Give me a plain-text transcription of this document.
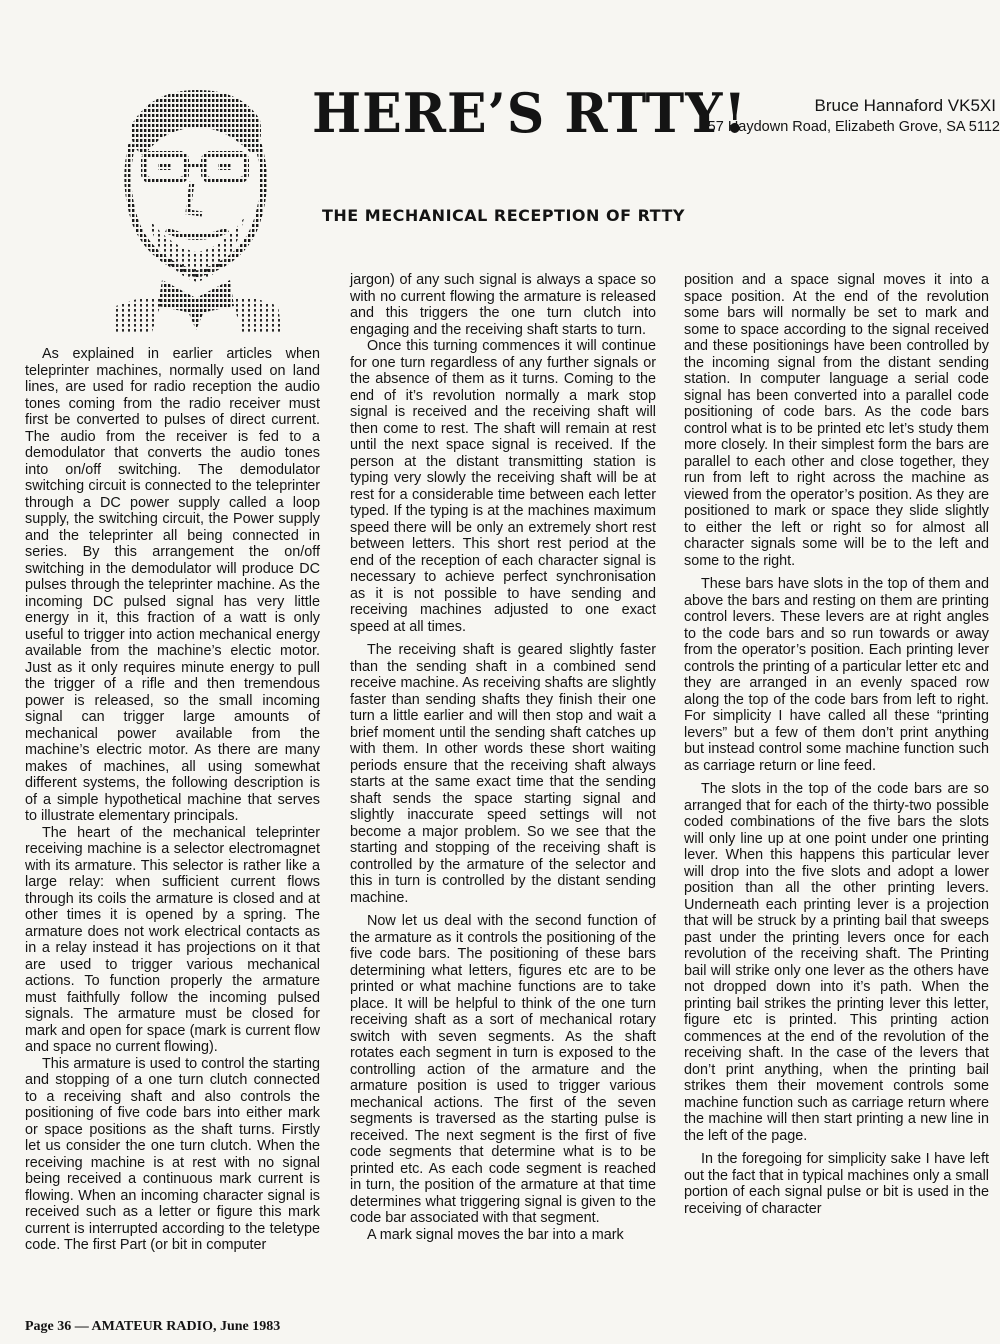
HERE’S RTTY!	Bruce Hannaford VK5XI
57 Haydown Road, Elizabeth Grove, SA 5112
THE MECHANICAL RECEPTION OF RTTY

As explained in earlier articles when teleprinter machines, normally used on land lines, are used for radio reception the audio tones coming from the radio receiver must first be converted to pulses of direct current. The audio from the receiver is fed to a demodulator that converts the audio tones into on/off switching. The demodulator switching circuit is connected to the teleprinter through a DC power supply called a loop supply, the switching circuit, the Power supply and the teleprinter all being connected in series. By this arrangement the on/off switching in the demodulator will produce DC pulses through the teleprinter machine. As the incoming DC pulsed signal has very little energy in it, this fraction of a watt is only useful to trigger into action mechanical energy available from the machine’s electic motor. Just as it only requires minute energy to pull the trigger of a rifle and then tremendous power is released, so the small incoming signal can trigger large amounts of mechanical power available from the machine’s electric motor. As there are many makes of machines, all using somewhat different systems, the following description is of a simple hypothetical machine that serves to illustrate elementary principals.

The heart of the mechanical teleprinter receiving machine is a selector electromagnet with its armature. This selector is rather like a large relay: when sufficient current flows through its coils the armature is closed and at other times it is opened by a spring. The armature does not work electrical contacts as in a relay instead it has projections on it that are used to trigger various mechanical actions. To function properly the armature must faithfully follow the incoming pulsed signals. The armature must be closed for mark and open for space (mark is current flow and space no current flowing).

This armature is used to control the starting and stopping of a one turn clutch connected to a receiving shaft and also controls the positioning of five code bars into either mark or space positions as the shaft turns. Firstly let us consider the one turn clutch. When the receiving machine is at rest with no signal being received a continuous mark current is flowing. When an incoming character signal is received such as a letter or figure this mark current is interrupted according to the teletype code. The first Part (or bit in computer

jargon) of any such signal is always a space so with no current flowing the armature is released and this triggers the one turn clutch into engaging and the receiving shaft starts to turn.

Once this turning commences it will continue for one turn regardless of any further signals or the absence of them as it turns. Coming to the end of it’s revolution normally a mark stop signal is received and the receiving shaft will then come to rest. The shaft will remain at rest until the next space signal is received. If the person at the distant transmitting station is typing very slowly the receiving shaft will be at rest for a considerable time between each letter typed. If the typing is at the machines maximum speed there will be only an extremely short rest between letters. This short rest period at the end of the reception of each character signal is necessary to achieve perfect synchronisation as it is not possible to have sending and receiving machines adjusted to one exact speed at all times.

The receiving shaft is geared slightly faster than the sending shaft in a combined send receive machine. As receiving shafts are slightly faster than sending shafts they finish their one turn a little earlier and will then stop and wait a brief moment until the sending shaft catches up with them. In other words these short waiting periods ensure that the receiving shaft always starts at the same exact time that the sending shaft sends the space starting signal and slightly inaccurate speed settings will not become a major problem. So we see that the starting and stopping of the receiving shaft is controlled by the armature of the selector and this in turn is controlled by the distant sending machine.

Now let us deal with the second function of the armature as it controls the positioning of the five code bars. The positioning of these bars determining what letters, figures etc are to be printed or what machine functions are to take place. It will be helpful to think of the one turn receiving shaft as a sort of mechanical rotary switch with seven segments. As the shaft rotates each segment in turn is exposed to the controlling action of the armature and the armature position is used to trigger various mechanical actions. The first of the seven segments is traversed as the starting pulse is received. The next segment is the first of five code segments that determine what is to be printed etc. As each code segment is reached in turn, the position of the armature at that time determines what triggering signal is given to the code bar associated with that segment.

A mark signal moves the bar into a mark

position and a space signal moves it into a space position. At the end of the revolution some bars will normally be set to mark and some to space according to the signal received and these positionings have been controlled by the incoming signal from the distant sending station. In computer language a serial code signal has been converted into a parallel code positioning of code bars. As the code bars control what is to be printed etc let’s study them more closely. In their simplest form the bars are parallel to each other and close together, they run from left to right across the machine as viewed from the operator’s position. As they are positioned to mark or space they slide slightly to either the left or right so for almost all character signals some will be to the left and some to the right.

These bars have slots in the top of them and above the bars and resting on them are printing control levers. These levers are at right angles to the code bars and so run towards or away from the operator’s position. Each printing lever controls the printing of a particular letter etc and they are arranged in an evenly spaced row along the top of the code bars from left to right. For simplicity I have called all these “printing levers” but a few of them don’t print anything but instead control some machine function such as carriage return or line feed.

The slots in the top of the code bars are so arranged that for each of the thirty-two possible coded combinations of the five bars the slots will only line up at one point under one printing lever. When this happens this particular lever will drop into the five slots and adopt a lower position than all the other printing levers. Underneath each printing lever is a projection that will be struck by a printing bail that sweeps past under the printing levers once for each revolution of the receiving shaft. The Printing bail will strike only one lever as the others have not dropped down into it’s path. When the printing bail strikes the printing lever this letter, figure etc is printed. This printing action commences at the end of the revolution of the receiving shaft. In the case of the levers that don’t print anything, when the printing bail strikes them their movement controls some machine function such as carriage return where the machine will then start printing a new line in the left of the page.

In the foregoing for simplicity sake I have left out the fact that in typical machines only a small portion of each signal pulse or bit is used in the receiving of character

Page 36 — AMATEUR RADIO, June 1983
